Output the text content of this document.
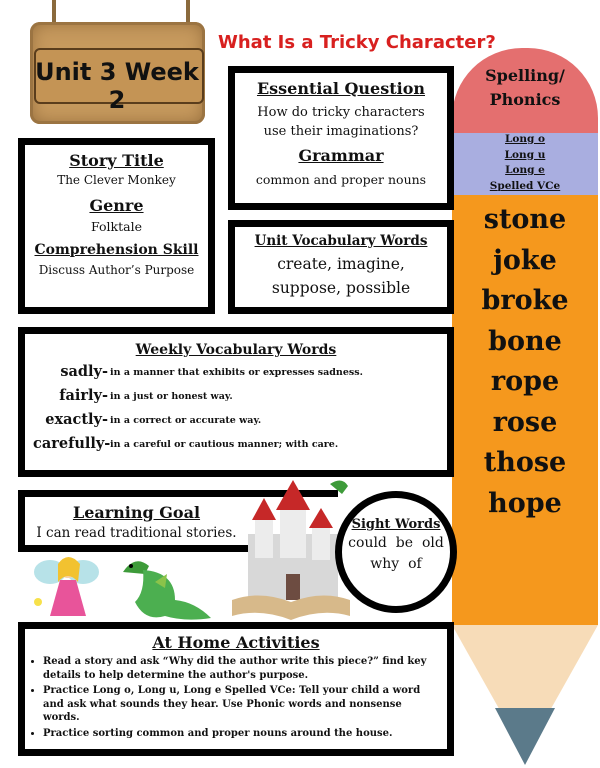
Unit 3 Week 2
What Is a Tricky Character?
Spelling/
Phonics
Long o
Long u
Long e
Spelled VCe
stone
joke
broke
bone
rope
rose
those
hope
Essential Question
How do tricky characters
use their imaginations?
Grammar
common and proper nouns
Story Title
The Clever Monkey
Genre
Folktale
Comprehension Skill
Discuss Author’s Purpose
Unit Vocabulary Words
create, imagine,
suppose, possible
Weekly Vocabulary Words
sadly-
fairly-
exactly-
carefully-
in a manner that exhibits or expresses sadness.
in a just or honest way.
in a correct or accurate way.
in a careful or cautious manner; with care.
Learning Goal
I can read traditional stories.
Sight Words
could  be  old
why  of
At Home Activities
• Read a story and ask “Why did the author write this piece?” find key details to help determine the author's purpose.
• Practice Long o, Long u, Long e Spelled VCe: Tell your child a word and ask what sounds they hear. Use Phonic words and nonsense words.
• Practice sorting common and proper nouns around the house.
